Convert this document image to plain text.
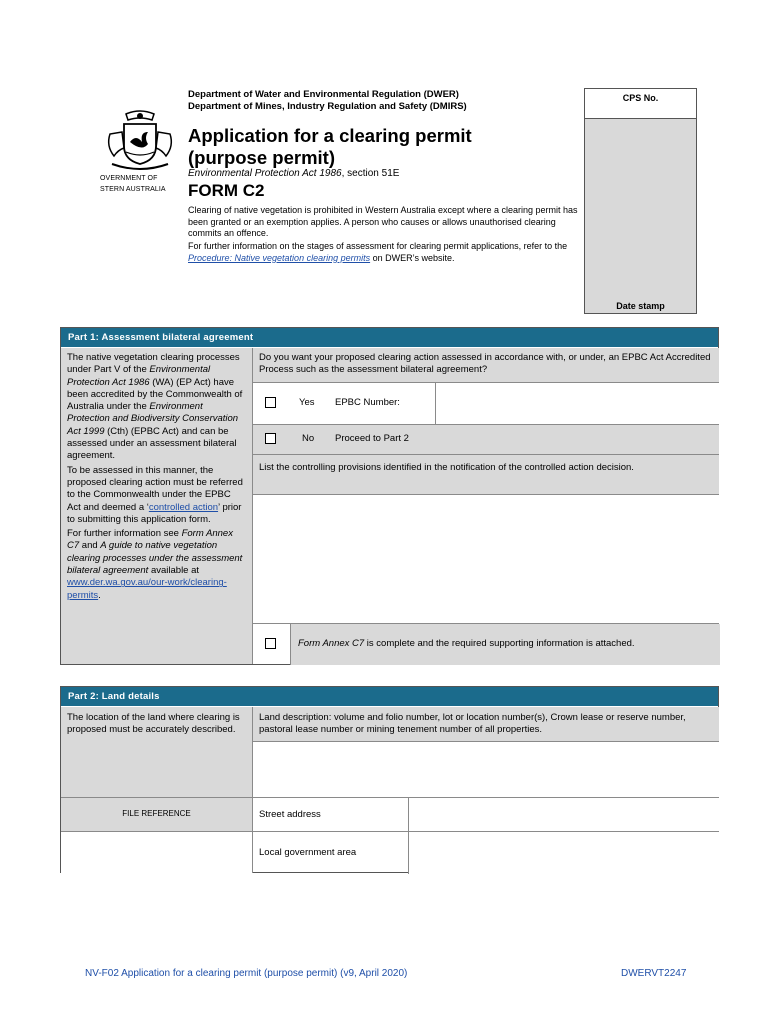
OVERNMENT OF
STERN AUSTRALIA
Department of Water and Environmental Regulation (DWER)
Department of Mines, Industry Regulation and Safety (DMIRS)
Application for a clearing permit
(purpose permit)
Environmental Protection Act 1986, section 51E
FORM C2
Clearing of native vegetation is prohibited in Western Australia except where a clearing permit has been granted or an exemption applies. A person who causes or allows unauthorised clearing commits an offence.
For further information on the stages of assessment for clearing permit applications, refer to the Procedure: Native vegetation clearing permits on DWER’s website.
CPS No.
Date stamp
Part 1: Assessment bilateral agreement

The native vegetation clearing processes under Part V of the Environmental Protection Act 1986 (WA) (EP Act) have been accredited by the Commonwealth of Australia under the Environment Protection and Biodiversity Conservation Act 1999 (Cth) (EPBC Act) and can be assessed under an assessment bilateral agreement.

To be assessed in this manner, the proposed clearing action must be referred to the Commonwealth under the EPBC Act and deemed a ‘controlled action’ prior to submitting this application form.

For further information see Form Annex C7 and A guide to native vegetation clearing processes under the assessment bilateral agreement available at www.der.wa.gov.au/our-work/clearing-permits.

Do you want your proposed clearing action assessed in accordance with, or under, an EPBC Act Accredited Process such as the assessment bilateral agreement?
Yes EPBC Number:
No Proceed to Part 2
List the controlling provisions identified in the notification of the controlled action decision.
Form Annex C7 is complete and the required supporting information is attached.
Part 2: Land details
The location of the land where clearing is proposed must be accurately described.
FILE REFERENCE
Land description: volume and folio number, lot or location number(s), Crown lease or reserve number, pastoral lease number or mining tenement number of all properties.
Street address
Local government area
NV-F02 Application for a clearing permit (purpose permit) (v9, April 2020)	DWERVT2247
